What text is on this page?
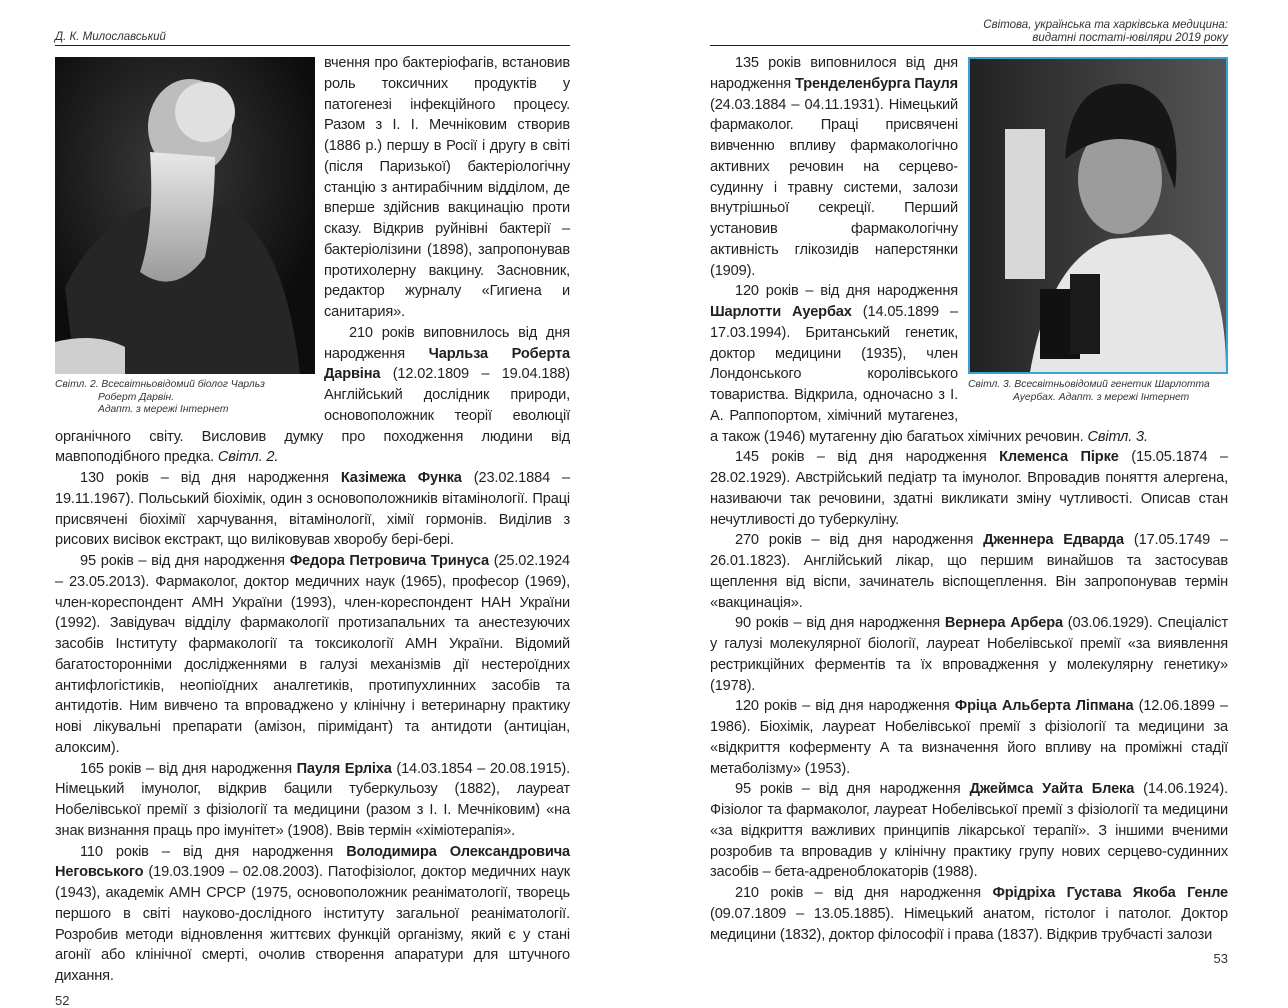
Д. К. Милославський
Світл. 2. Всесвітньовідомий біолог Чарльз
Роберт Дарвін.
Адапт. з мережі Інтернет

вчення про бактеріофагів, встановив роль токсичних продуктів у патогенезі інфекційного процесу. Разом з І. І. Мечніковим створив (1886 р.) першу в Росії і другу в світі (після Паризької) бактеріологічну станцію з антирабічним відділом, де вперше здійснив вакцинацію проти сказу. Відкрив руйнівні бактерії – бактеріолізини (1898), запропонував протихолерну вакцину. Засновник, редактор журналу «Гигиена и санитария».

210 років виповнилось від дня народження Чарльза Роберта Дарвіна (12.02.1809 – 19.04.188) Англійський дослідник природи, основоположник теорії еволюції органічного світу. Висловив думку про походження людини від мавпоподібного предка. Світл. 2.

130 років – від дня народження Казімежа Функа (23.02.1884 – 19.11.1967). Польський біохімік, один з основоположників вітамінології. Праці присвячені біохімії харчування, вітамінології, хімії гормонів. Виділив з рисових висівок екстракт, що виліковував хворобу бері-бері.

95 років – від дня народження Федора Петровича Тринуса (25.02.1924 – 23.05.2013). Фармаколог, доктор медичних наук (1965), професор (1969), член-кореспондент АМН України (1993), член-кореспондент НАН України (1992). Завідувач відділу фармакології протизапальних та анестезуючих засобів Інституту фармакології та токсикології АМН України. Відомий багатосторонніми дослідженнями в галузі механізмів дії нестероїдних антифлогістиків, неопіоїдних аналгетиків, протипухлинних засобів та антидотів. Ним вивчено та впроваджено у клінічну і ветеринарну практику нові лікувальні препарати (амізон, піримідант) та антидоти (антиціан, алоксим).

165 років – від дня народження Пауля Ерліха (14.03.1854 – 20.08.1915). Німецький імунолог, відкрив бацили туберкульозу (1882), лауреат Нобелівської премії з фізіології та медицини (разом з І. І. Мечніковим) «на знак визнання праць про імунітет» (1908). Ввів термін «хіміотерапія».

110 років – від дня народження Володимира Олександровича Неговського (19.03.1909 – 02.08.2003). Патофізіолог, доктор медичних наук (1943), академік АМН СРСР (1975, основоположник реаніматології, творець першого в світі науково-дослідного інституту загальної реаніматології. Розробив методи відновлення життєвих функцій організму, який є у стані агонії або клінічної смерті, очолив створення апаратури для штучного дихання.

52
Світова, українська та харківська медицина:
видатні постаті-ювіляри 2019 року
Світл. 3. Всесвітньовідомий генетик Шарлотта
Ауербах. Адапт. з мережі Інтернет

135 років виповнилося від дня народження Тренделенбурга Пауля (24.03.1884 – 04.11.1931). Німецький фармаколог. Праці присвячені вивченню впливу фармакологічно активних речовин на серцево-судинну і травну системи, залози внутрішньої секреції. Перший установив фармакологічну активність глікозидів наперстянки (1909).

120 років – від дня народження Шарлотти Ауербах (14.05.1899 – 17.03.1994). Британський генетик, доктор медицини (1935), член Лондонського королівського товариства. Відкрила, одночасно з І. А. Раппопортом, хімічний мутагенез, а також (1946) мутагенну дію багатьох хімічних речовин. Світл. 3.

145 років – від дня народження Клеменса Пірке (15.05.1874 – 28.02.1929). Австрійський педіатр та імунолог. Впровадив поняття алергена, називаючи так речовини, здатні викликати зміну чутливості. Описав стан нечутливості до туберкуліну.

270 років – від дня народження Дженнера Едварда (17.05.1749 – 26.01.1823). Англійський лікар, що першим винайшов та застосував щеплення від віспи, зачинатель віспощеплення. Він запропонував термін «вакцинація».

90 років – від дня народження Вернера Арбера (03.06.1929). Спеціаліст у галузі молекулярної біології, лауреат Нобелівської премії «за виявлення рестрикційних ферментів та їх впровадження у молекулярну генетику» (1978).

120 років – від дня народження Фріца Альберта Ліпмана (12.06.1899 – 1986). Біохімік, лауреат Нобелівської премії з фізіології та медицини за «відкриття коферменту А та визначення його впливу на проміжні стадії метаболізму» (1953).

95 років – від дня народження Джеймса Уайта Блека (14.06.1924). Фізіолог та фармаколог, лауреат Нобелівської премії з фізіології та медицини «за відкриття важливих принципів лікарської терапії». З іншими вченими розробив та впровадив у клінічну практику групу нових серцево-судинних засобів – бета-адреноблокаторів (1988).

210 років – від дня народження Фрідріха Густава Якоба Генле (09.07.1809 – 13.05.1885). Німецький анатом, гістолог і патолог. Доктор медицини (1832), доктор філософії і права (1837). Відкрив трубчасті залози

53
